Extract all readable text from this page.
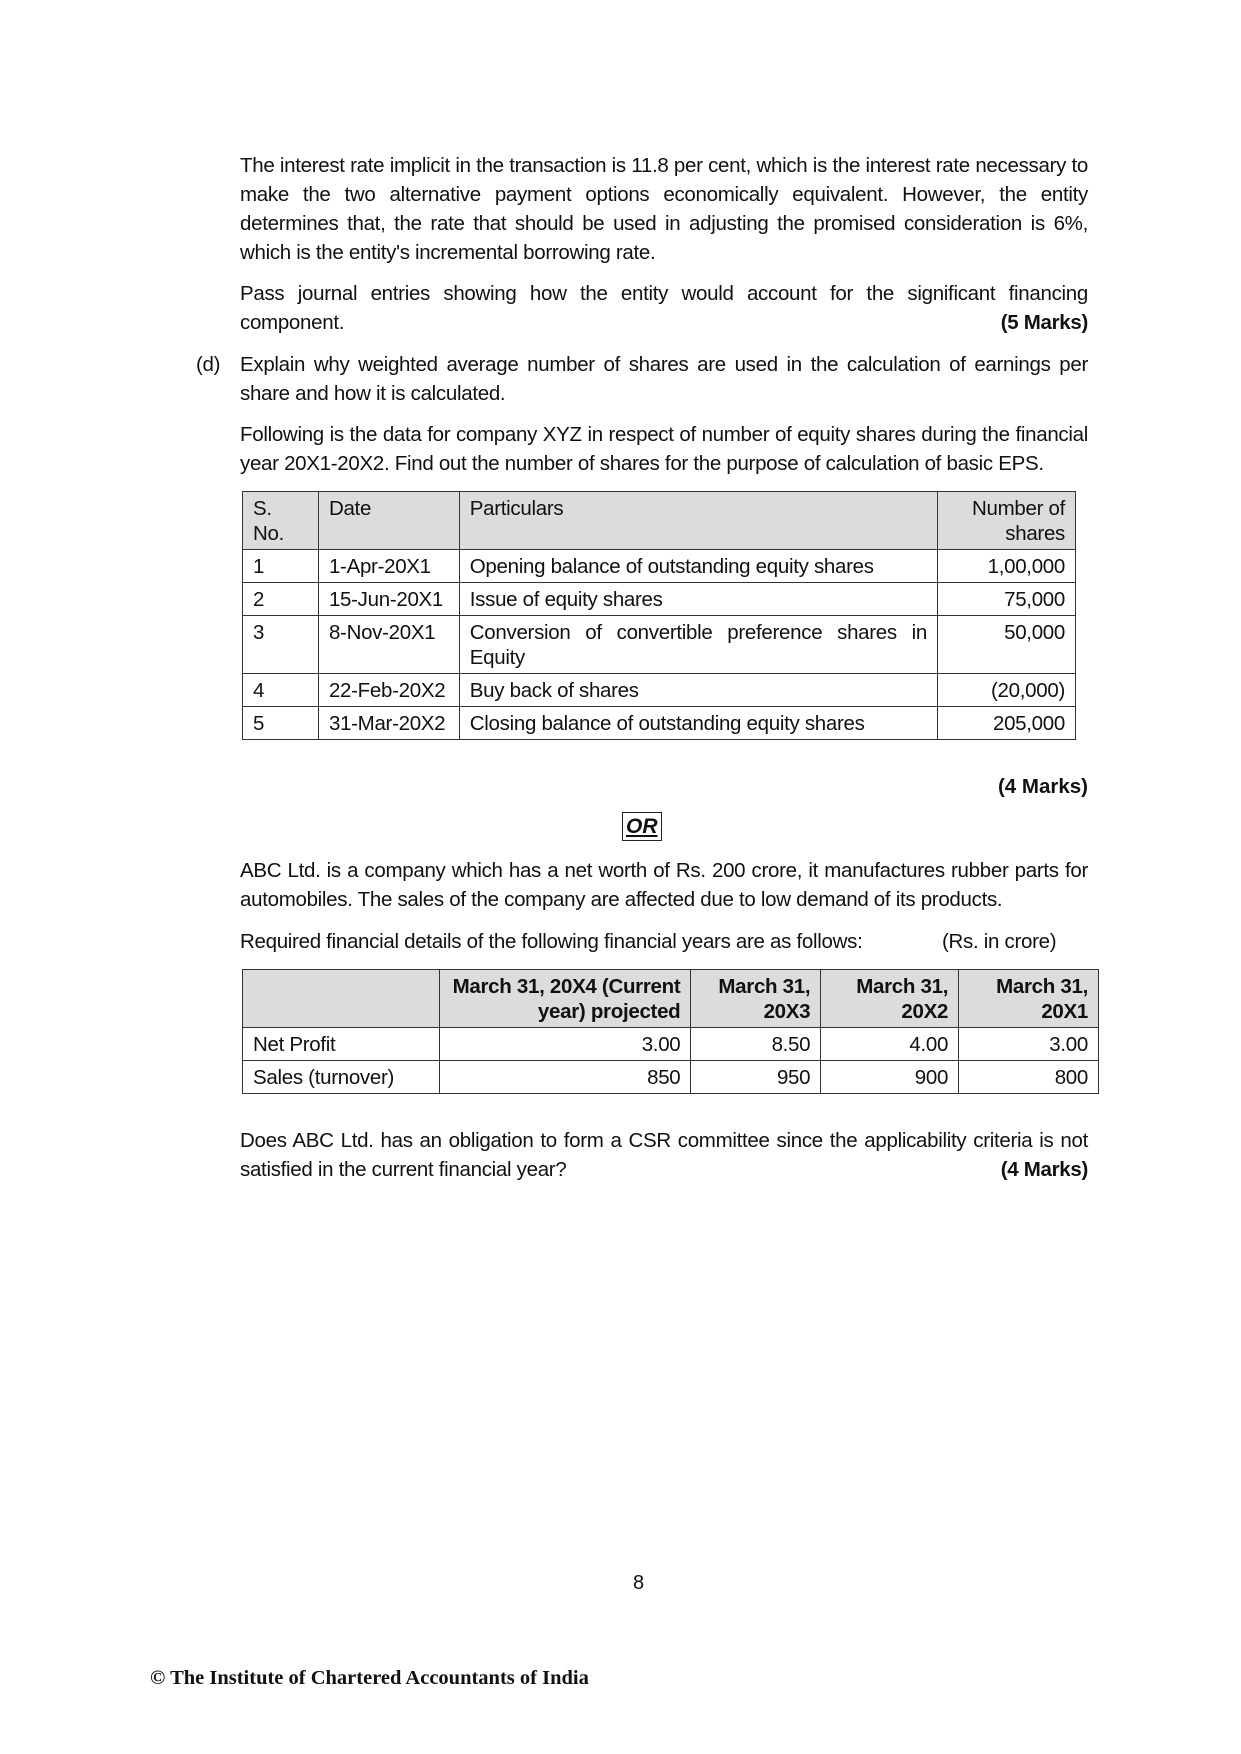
The interest rate implicit in the transaction is 11.8 per cent, which is the interest rate necessary to make the two alternative payment options economically equivalent. However, the entity determines that, the rate that should be used in adjusting the promised consideration is 6%, which is the entity's incremental borrowing rate.
Pass journal entries showing how the entity would account for the significant financing component.	(5 Marks)
(d) Explain why weighted average number of shares are used in the calculation of earnings per share and how it is calculated.
Following is the data for company XYZ in respect of number of equity shares during the financial year 20X1-20X2. Find out the number of shares for the purpose of calculation of basic EPS.
S. No.	Date	Particulars	Number of shares
1	1-Apr-20X1	Opening balance of outstanding equity shares	1,00,000
2	15-Jun-20X1	Issue of equity shares	75,000
3	8-Nov-20X1	Conversion of convertible preference shares in Equity	50,000
4	22-Feb-20X2	Buy back of shares	(20,000)
5	31-Mar-20X2	Closing balance of outstanding equity shares	205,000
(4 Marks)
OR
ABC Ltd. is a company which has a net worth of Rs. 200 crore, it manufactures rubber parts for automobiles. The sales of the company are affected due to low demand of its products.
Required financial details of the following financial years are as follows:	(Rs. in crore)
	March 31, 20X4 (Current year) projected	March 31, 20X3	March 31, 20X2	March 31, 20X1
Net Profit	3.00	8.50	4.00	3.00
Sales (turnover)	850	950	900	800
Does ABC Ltd. has an obligation to form a CSR committee since the applicability criteria is not satisfied in the current financial year?	(4 Marks)
8
© The Institute of Chartered Accountants of India
